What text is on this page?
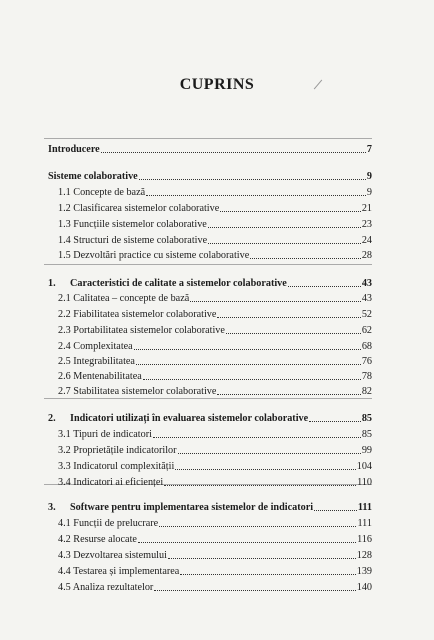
CUPRINS
Introducere	7
Sisteme colaborative	9
1.1 Concepte de bază	9
1.2 Clasificarea sistemelor colaborative	21
1.3 Funcțiile sistemelor colaborative	23
1.4 Structuri de sisteme colaborative	24
1.5 Dezvoltări practice cu sisteme colaborative	28
1.	Caracteristici de calitate a sistemelor colaborative	43
2.1 Calitatea – concepte de bază	43
2.2 Fiabilitatea sistemelor colaborative	52
2.3 Portabilitatea sistemelor colaborative	62
2.4 Complexitatea	68
2.5 Integrabilitatea	76
2.6 Mentenabilitatea	78
2.7 Stabilitatea sistemelor colaborative	82
2.	Indicatori utilizați în evaluarea sistemelor colaborative	85
3.1 Tipuri de indicatori	85
3.2 Proprietățile indicatorilor	99
3.3 Indicatorul complexității	104
3.4 Indicatori ai eficienței	110
3.	Software pentru implementarea sistemelor de indicatori	111
4.1 Funcții de prelucrare	111
4.2 Resurse alocate	116
4.3 Dezvoltarea sistemului	128
4.4 Testarea și implementarea	139
4.5 Analiza rezultatelor	140
